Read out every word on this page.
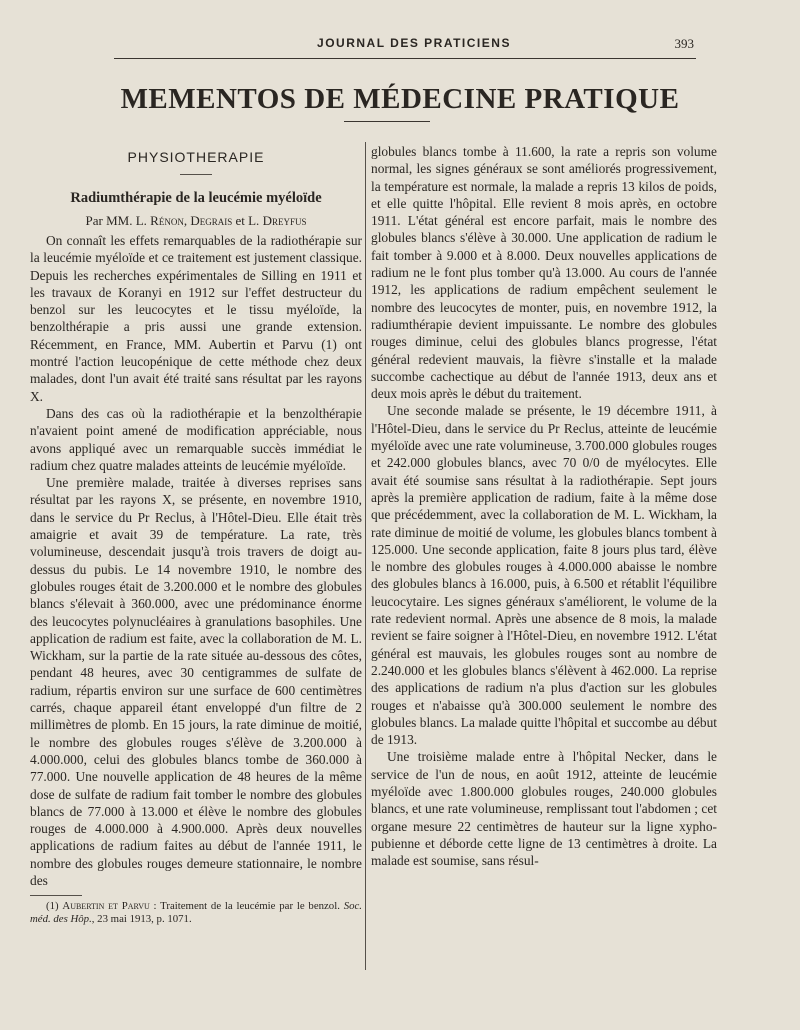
JOURNAL DES PRATICIENS	393
MEMENTOS DE MÉDECINE PRATIQUE
PHYSIOTHERAPIE
Radiumthérapie de la leucémie myéloïde
Par MM. L. Rénon, Degrais et L. Dreyfus

On connaît les effets remarquables de la radiothérapie sur la leucémie myéloïde et ce traitement est justement classique. Depuis les recherches expérimentales de Silling en 1911 et les travaux de Koranyi en 1912 sur l'effet destructeur du benzol sur les leucocytes et le tissu myéloïde, la benzolthérapie a pris aussi une grande extension. Récemment, en France, MM. Aubertin et Parvu (1) ont montré l'action leucopénique de cette méthode chez deux malades, dont l'un avait été traité sans résultat par les rayons X.

Dans des cas où la radiothérapie et la benzolthérapie n'avaient point amené de modification appréciable, nous avons appliqué avec un remarquable succès immédiat le radium chez quatre malades atteints de leucémie myéloïde.

Une première malade, traitée à diverses reprises sans résultat par les rayons X, se présente, en novembre 1910, dans le service du Pr Reclus, à l'Hôtel-Dieu. Elle était très amaigrie et avait 39 de température. La rate, très volumineuse, descendait jusqu'à trois travers de doigt au-dessus du pubis. Le 14 novembre 1910, le nombre des globules rouges était de 3.200.000 et le nombre des globules blancs s'élevait à 360.000, avec une prédominance énorme des leucocytes polynucléaires à granulations basophiles. Une application de radium est faite, avec la collaboration de M. L. Wickham, sur la partie de la rate située au-dessous des côtes, pendant 48 heures, avec 30 centigrammes de sulfate de radium, répartis environ sur une surface de 600 centimètres carrés, chaque appareil étant enveloppé d'un filtre de 2 millimètres de plomb. En 15 jours, la rate diminue de moitié, le nombre des globules rouges s'élève de 3.200.000 à 4.000.000, celui des globules blancs tombe de 360.000 à 77.000. Une nouvelle application de 48 heures de la même dose de sulfate de radium fait tomber le nombre des globules blancs de 77.000 à 13.000 et élève le nombre des globules rouges de 4.000.000 à 4.900.000. Après deux nouvelles applications de radium faites au début de l'année 1911, le nombre des globules rouges demeure stationnaire, le nombre des

(1) Aubertin et Parvu : Traitement de la leucémie par le benzol. Soc. méd. des Hôp., 23 mai 1913, p. 1071.

globules blancs tombe à 11.600, la rate a repris son volume normal, les signes généraux se sont améliorés progressivement, la température est normale, la malade a repris 13 kilos de poids, et elle quitte l'hôpital. Elle revient 8 mois après, en octobre 1911. L'état général est encore parfait, mais le nombre des globules blancs s'élève à 30.000. Une application de radium le fait tomber à 9.000 et à 8.000. Deux nouvelles applications de radium ne le font plus tomber qu'à 13.000. Au cours de l'année 1912, les applications de radium empêchent seulement le nombre des leucocytes de monter, puis, en novembre 1912, la radiumthérapie devient impuissante. Le nombre des globules rouges diminue, celui des globules blancs progresse, l'état général redevient mauvais, la fièvre s'installe et la malade succombe cachectique au début de l'année 1913, deux ans et deux mois après le début du traitement.

Une seconde malade se présente, le 19 décembre 1911, à l'Hôtel-Dieu, dans le service du Pr Reclus, atteinte de leucémie myéloïde avec une rate volumineuse, 3.700.000 globules rouges et 242.000 globules blancs, avec 70 0/0 de myélocytes. Elle avait été soumise sans résultat à la radiothérapie. Sept jours après la première application de radium, faite à la même dose que précédemment, avec la collaboration de M. L. Wickham, la rate diminue de moitié de volume, les globules blancs tombent à 125.000. Une seconde application, faite 8 jours plus tard, élève le nombre des globules rouges à 4.000.000 abaisse le nombre des globules blancs à 16.000, puis, à 6.500 et rétablit l'équilibre leucocytaire. Les signes généraux s'améliorent, le volume de la rate redevient normal. Après une absence de 8 mois, la malade revient se faire soigner à l'Hôtel-Dieu, en novembre 1912. L'état général est mauvais, les globules rouges sont au nombre de 2.240.000 et les globules blancs s'élèvent à 462.000. La reprise des applications de radium n'a plus d'action sur les globules rouges et n'abaisse qu'à 300.000 seulement le nombre des globules blancs. La malade quitte l'hôpital et succombe au début de 1913.

Une troisième malade entre à l'hôpital Necker, dans le service de l'un de nous, en août 1912, atteinte de leucémie myéloïde avec 1.800.000 globules rouges, 240.000 globules blancs, et une rate volumineuse, remplissant tout l'abdomen ; cet organe mesure 22 centimètres de hauteur sur la ligne xypho-pubienne et déborde cette ligne de 13 centimètres à droite. La malade est soumise, sans résul-
